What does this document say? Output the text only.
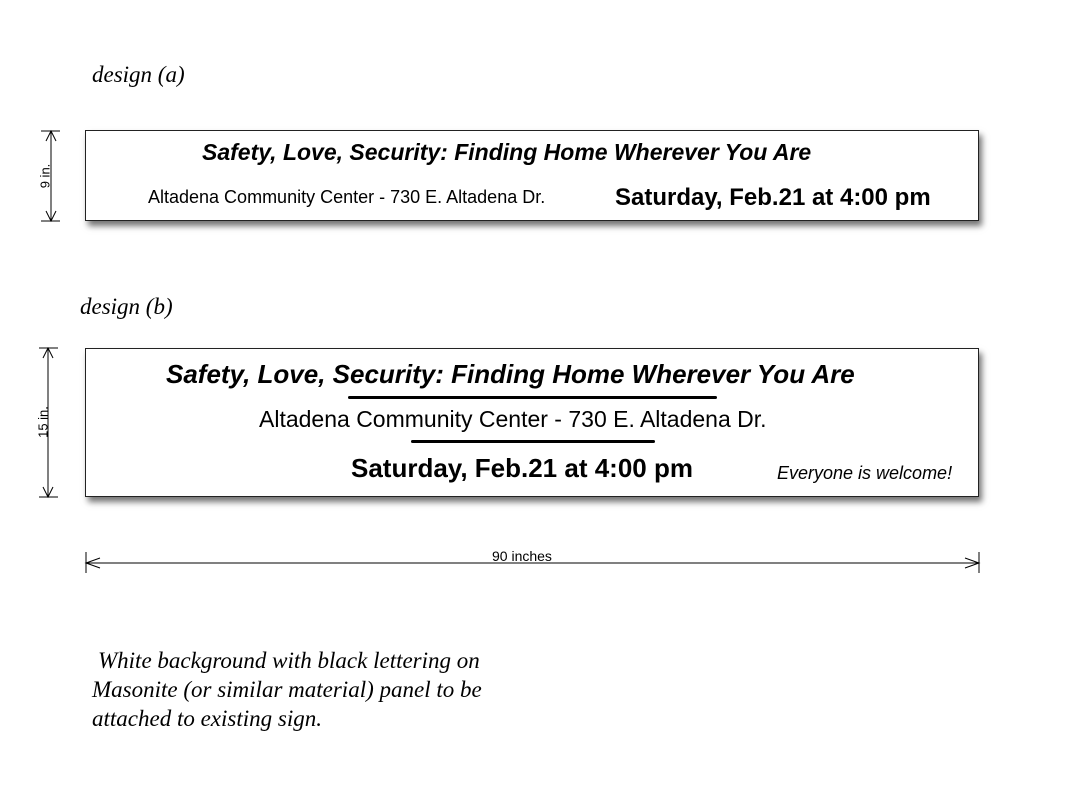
design (a)
9 in.
Safety, Love, Security: Finding Home Wherever You Are
Altadena Community Center - 730 E. Altadena Dr.	Saturday, Feb.21 at 4:00 pm
design (b)
15 in.
Safety, Love, Security: Finding Home Wherever You Are
Altadena Community Center - 730 E. Altadena Dr.
Saturday, Feb.21 at 4:00 pm	Everyone is welcome!
90 inches
White background with black lettering on
Masonite (or similar material) panel to be
attached to existing sign.
